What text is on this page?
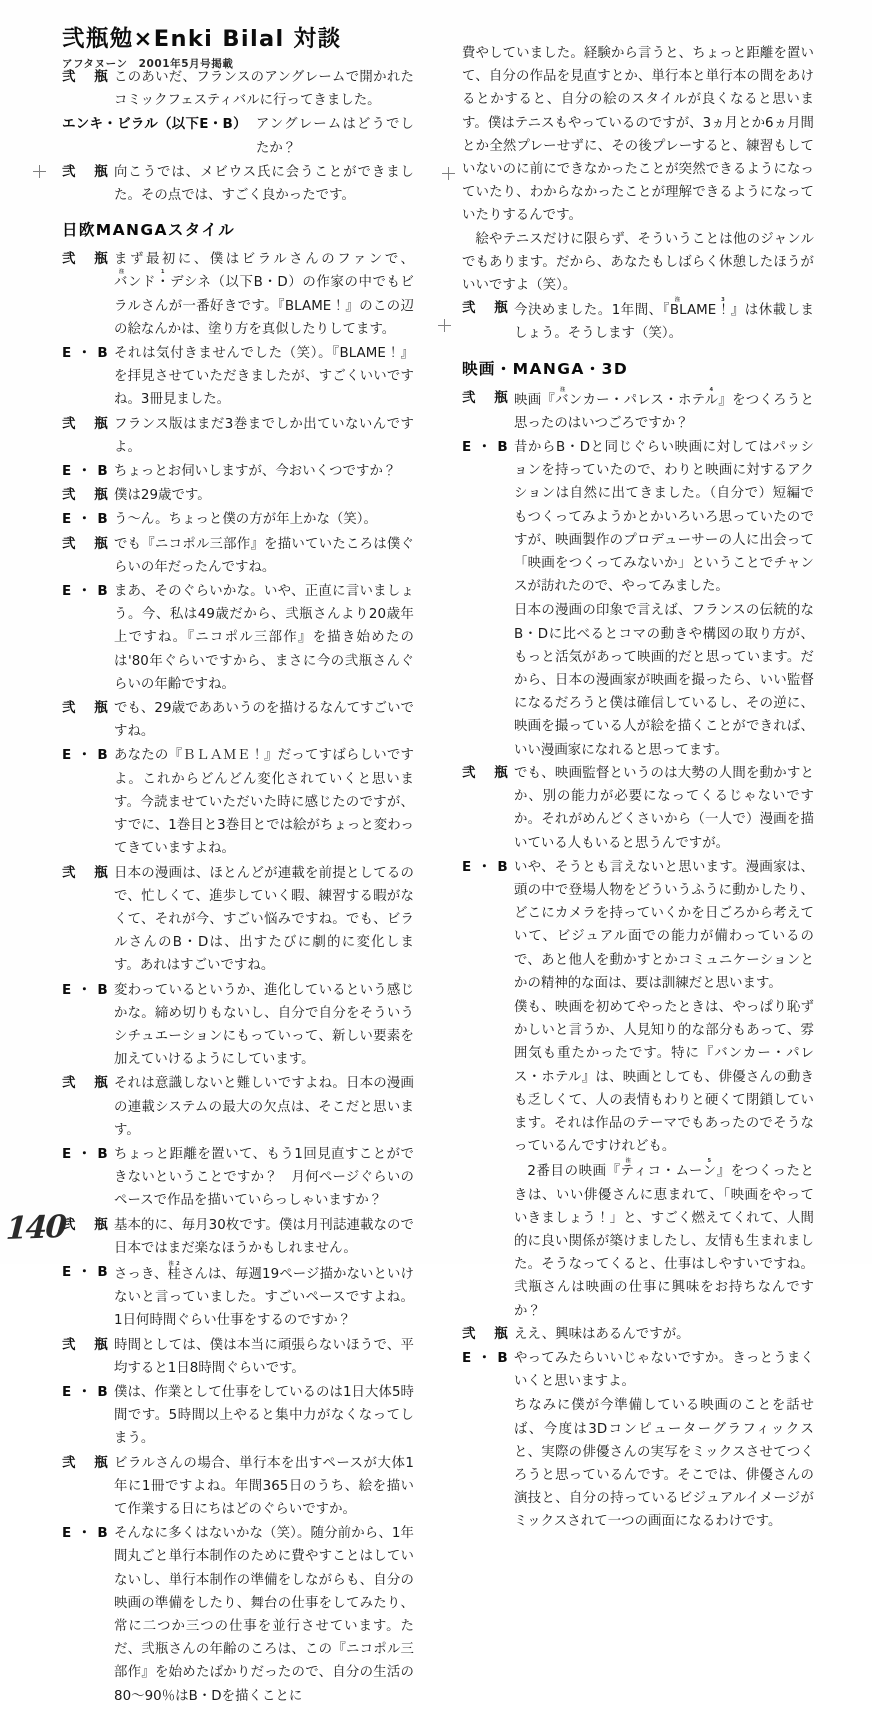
弐瓶勉×Enki Bilal 対談
アフタヌーン　2001年5月号掲載
弐 瓶 このあいだ、フランスのアングレームで開かれたコミックフェスティバルに行ってきました。
エンキ・ビラル（以下E・B） アングレームはどうでしたか？
弐 瓶 向こうでは、メビウス氏に会うことができました。その点では、すごく良かったです。
日欧MANGAスタイル
弐 瓶 まず最初に、僕はビラルさんのファンで、バンド・注1デシネ（以下B・D）の作家の中でもビラルさんが一番好きです。『BLAME！』のこの辺の絵なんかは、塗り方を真似したりしてます。
E・B それは気付きませんでした（笑）。『BLAME！』を拝見させていただきましたが、すごくいいですね。3冊見ました。
弐 瓶 フランス版はまだ3巻までしか出ていないんですよ。
E・B ちょっとお伺いしますが、今おいくつですか？
弐 瓶 僕は29歳です。
E・B う〜ん。ちょっと僕の方が年上かな（笑）。
弐 瓶 でも『ニコポル三部作』を描いていたころは僕ぐらいの年だったんですね。
E・B まあ、そのぐらいかな。いや、正直に言いましょう。今、私は49歳だから、弐瓶さんより20歳年上ですね。『ニコポル三部作』を描き始めたのは'80年ぐらいですから、まさに今の弐瓶さんぐらいの年齢ですね。
弐 瓶 でも、29歳でああいうのを描けるなんてすごいですね。
E・B あなたの『ＢＬＡＭＥ！』だってすばらしいですよ。これからどんどん変化されていくと思います。今読ませていただいた時に感じたのですが、すでに、1巻目と3巻目とでは絵がちょっと変わってきていますよね。
弐 瓶 日本の漫画は、ほとんどが連載を前提としてるので、忙しくて、進歩していく暇、練習する暇がなくて、それが今、すごい悩みですね。でも、ビラルさんのB・Dは、出すたびに劇的に変化します。あれはすごいですね。
E・B 変わっているというか、進化しているという感じかな。締め切りもないし、自分で自分をそういうシチュエーションにもっていって、新しい要素を加えていけるようにしています。
弐 瓶 それは意識しないと難しいですよね。日本の漫画の連載システムの最大の欠点は、そこだと思います。
E・B ちょっと距離を置いて、もう1回見直すことができないということですか？　月何ページぐらいのペースで作品を描いていらっしゃいますか？
弐 瓶 基本的に、毎月30枚です。僕は月刊誌連載なので日本ではまだ楽なほうかもしれません。
E・B さっき、桂注2さんは、毎週19ページ描かないといけないと言っていました。すごいペースですよね。1日何時間ぐらい仕事をするのですか？
弐 瓶 時間としては、僕は本当に頑張らないほうで、平均すると1日8時間ぐらいです。
E・B 僕は、作業として仕事をしているのは1日大体5時間です。5時間以上やると集中力がなくなってしまう。
弐 瓶 ビラルさんの場合、単行本を出すペースが大体1年に1冊ですよね。年間365日のうち、絵を描いて作業する日にちはどのぐらいですか。
E・B そんなに多くはないかな（笑）。随分前から、1年間丸ごと単行本制作のために費やすことはしていないし、単行本制作の準備をしながらも、自分の映画の準備をしたり、舞台の仕事をしてみたり、常に二つか三つの仕事を並行させています。ただ、弐瓶さんの年齢のころは、この『ニコポル三部作』を始めたばかりだったので、自分の生活の80〜90％はB・Dを描くことに
費やしていました。経験から言うと、ちょっと距離を置いて、自分の作品を見直すとか、単行本と単行本の間をあけるとかすると、自分の絵のスタイルが良くなると思います。僕はテニスもやっているのですが、3ヵ月とか6ヵ月間とか全然プレーせずに、その後プレーすると、練習もしていないのに前にできなかったことが突然できるようになっていたり、わからなかったことが理解できるようになっていたりするんです。
絵やテニスだけに限らず、そういうことは他のジャンルでもあります。だから、あなたもしばらく休憩したほうがいいですよ（笑）。
弐 瓶 今決めました。1年間、『BLAME！注3』は休載しましょう。そうします（笑）。
映画・MANGA・3D
弐 瓶 映画『バンカー・パレス・ホテル注4』をつくろうと思ったのはいつごろですか？
E・B 昔からB・Dと同じぐらい映画に対してはパッションを持っていたので、わりと映画に対するアクションは自然に出てきました。（自分で）短編でもつくってみようかとかいろいろ思っていたのですが、映画製作のプロデューサーの人に出会って「映画をつくってみないか」ということでチャンスが訪れたので、やってみました。
日本の漫画の印象で言えば、フランスの伝統的なB・Dに比べるとコマの動きや構図の取り方が、もっと活気があって映画的だと思っています。だから、日本の漫画家が映画を撮ったら、いい監督になるだろうと僕は確信しているし、その逆に、映画を撮っている人が絵を描くことができれば、いい漫画家になれると思ってます。
弐 瓶 でも、映画監督というのは大勢の人間を動かすとか、別の能力が必要になってくるじゃないですか。それがめんどくさいから（一人で）漫画を描いている人もいると思うんですが。
E・B いや、そうとも言えないと思います。漫画家は、頭の中で登場人物をどういうふうに動かしたり、どこにカメラを持っていくかを日ごろから考えていて、ビジュアル面での能力が備わっているので、あと他人を動かすとかコミュニケーションとかの精神的な面は、要は訓練だと思います。
僕も、映画を初めてやったときは、やっぱり恥ずかしいと言うか、人見知り的な部分もあって、雰囲気も重たかったです。特に『バンカー・パレス・ホテル』は、映画としても、俳優さんの動きも乏しくて、人の表情もわりと硬くて閉鎖しています。それは作品のテーマでもあったのでそうなっているんですけれども。
2番目の映画『ティコ・ムーン注5』をつくったときは、いい俳優さんに恵まれて、「映画をやっていきましょう！」と、すごく燃えてくれて、人間的に良い関係が築けましたし、友情も生まれました。そうなってくると、仕事はしやすいですね。弐瓶さんは映画の仕事に興味をお持ちなんですか？
弐 瓶 ええ、興味はあるんですが。
E・B やってみたらいいじゃないですか。きっとうまくいくと思いますよ。
ちなみに僕が今準備している映画のことを話せば、今度は3Dコンピューターグラフィックスと、実際の俳優さんの実写をミックスさせてつくろうと思っているんです。そこでは、俳優さんの演技と、自分の持っているビジュアルイメージがミックスされて一つの画面になるわけです。
140
